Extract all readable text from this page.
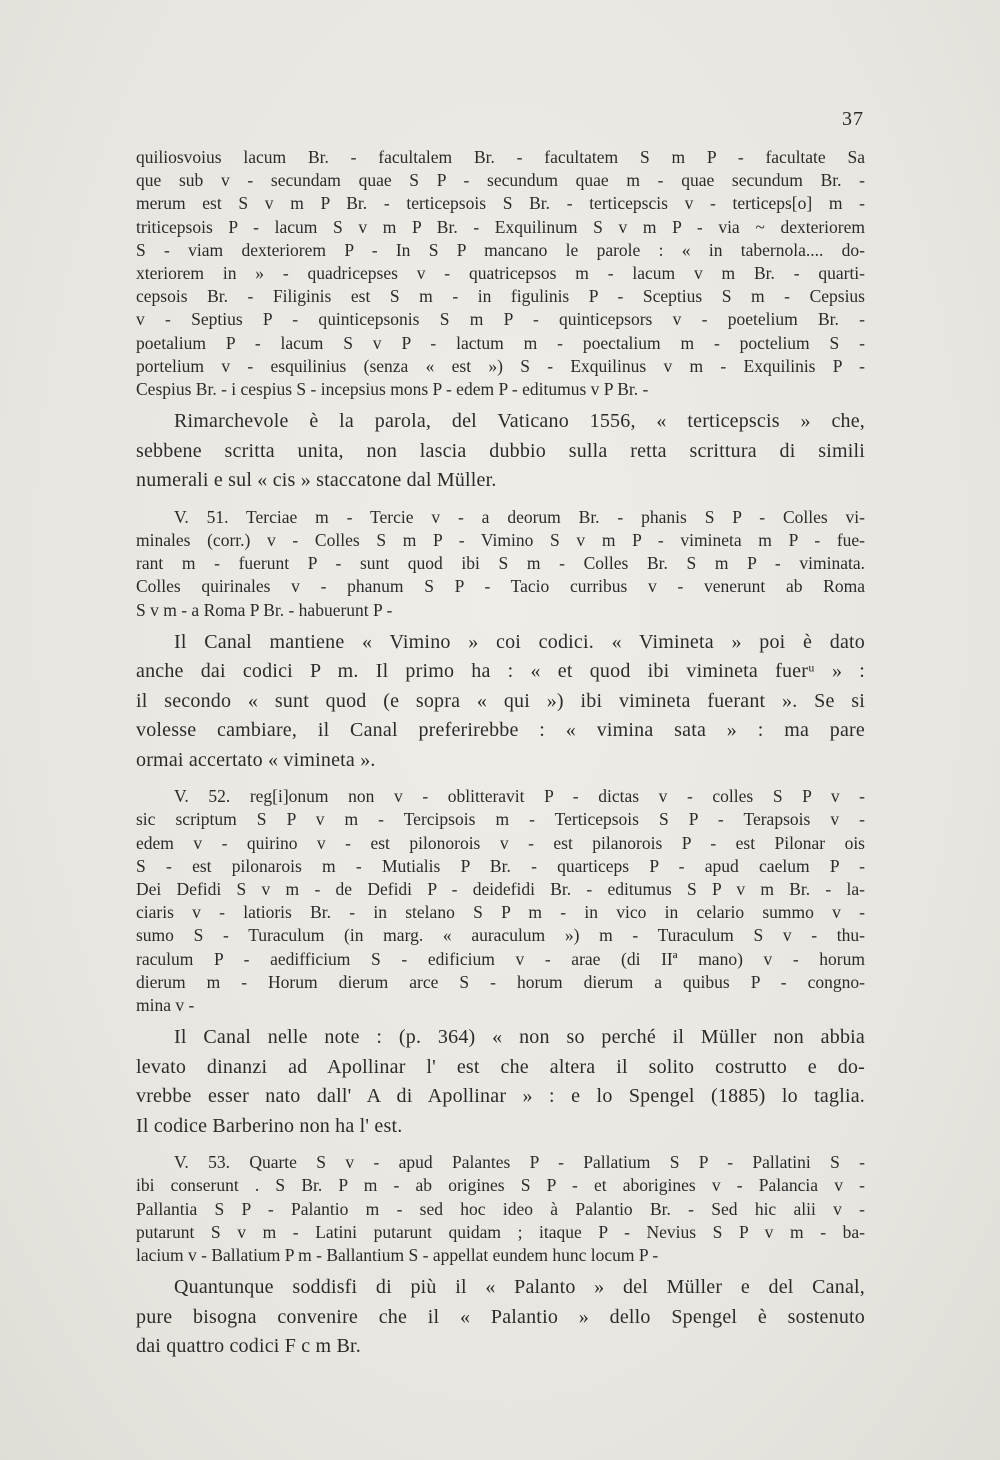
37
quiliosvoius lacum Br. - facultalem Br. - facultatem S m P - facultate Sa
que sub v - secundam quae S P - secundum quae m - quae secundum Br. -
merum est S v m P Br. - terticepsois S Br. - terticepscis v - terticeps[o] m -
triticepsois P - lacum S v m P Br. - Exquilinum S v m P - via ~ dexteriorem
S - viam dexteriorem P - In S P mancano le parole : « in tabernola.... do-
xteriorem in » - quadricepses v - quatricepsos m - lacum v m Br. - quarti-
cepsois Br. - Filiginis est S m - in figulinis P - Sceptius S m - Cepsius
v - Septius P - quinticepsonis S m P - quinticepsors v - poetelium Br. -
poetalium P - lacum S v P - lactum m - poectalium m - poctelium S -
portelium v - esquilinius (senza « est ») S - Exquilinus v m - Exquilinis P -
Cespius Br. - i cespius S - incepsius mons P - edem P - editumus v P Br. -
Rimarchevole è la parola, del Vaticano 1556, « terticepscis » che,
sebbene scritta unita, non lascia dubbio sulla retta scrittura di simili
numerali e sul « cis » staccatone dal Müller.
V. 51. Terciae m - Tercie v - a deorum Br. - phanis S P - Colles vi-
minales (corr.) v - Colles S m P - Vimino S v m P - vimineta m P - fue-
rant m - fuerunt P - sunt quod ibi S m - Colles Br. S m P - viminata.
Colles quirinales v - phanum S P - Tacio curribus v - venerunt ab Roma
S v m - a Roma P Br. - habuerunt P -
Il Canal mantiene « Vimino » coi codici. « Vimineta » poi è dato
anche dai codici P m. Il primo ha : « et quod ibi vimineta fuerᵘ » :
il secondo « sunt quod (e sopra « qui ») ibi vimineta fuerant ». Se si
volesse cambiare, il Canal preferirebbe : « vimina sata » : ma pare
ormai accertato « vimineta ».
V. 52. reg[i]onum non v - oblitteravit P - dictas v - colles S P v -
sic scriptum S P v m - Tercipsois m - Terticepsois S P - Terapsois v -
edem v - quirino v - est pilonorois v - est pilanorois P - est Pilonar ois
S - est pilonarois m - Mutialis P Br. - quarticeps P - apud caelum P -
Dei Defidi S v m - de Defidi P - deidefidi Br. - editumus S P v m Br. - la-
ciaris v - latioris Br. - in stelano S P m - in vico in celario summo v -
sumo S - Turaculum (in marg. « auraculum ») m - Turaculum S v - thu-
raculum P - aedifficium S - edificium v - arae (di IIª mano) v - horum
dierum m - Horum dierum arce S - horum dierum a quibus P - congno-
mina v -
Il Canal nelle note : (p. 364) « non so perché il Müller non abbia
levato dinanzi ad Apollinar l' est che altera il solito costrutto e do-
vrebbe esser nato dall' A di Apollinar » : e lo Spengel (1885) lo taglia.
Il codice Barberino non ha l' est.
V. 53. Quarte S v - apud Palantes P - Pallatium S P - Pallatini S -
ibi conserunt . S Br. P m - ab origines S P - et aborigines v - Palancia v -
Pallantia S P - Palantio m - sed hoc ideo à Palantio Br. - Sed hic alii v -
putarunt S v m - Latini putarunt quidam ; itaque P - Nevius S P v m - ba-
lacium v - Ballatium P m - Ballantium S - appellat eundem hunc locum P -
Quantunque soddisfi di più il « Palanto » del Müller e del Canal,
pure bisogna convenire che il « Palantio » dello Spengel è sostenuto
dai quattro codici F c m Br.
